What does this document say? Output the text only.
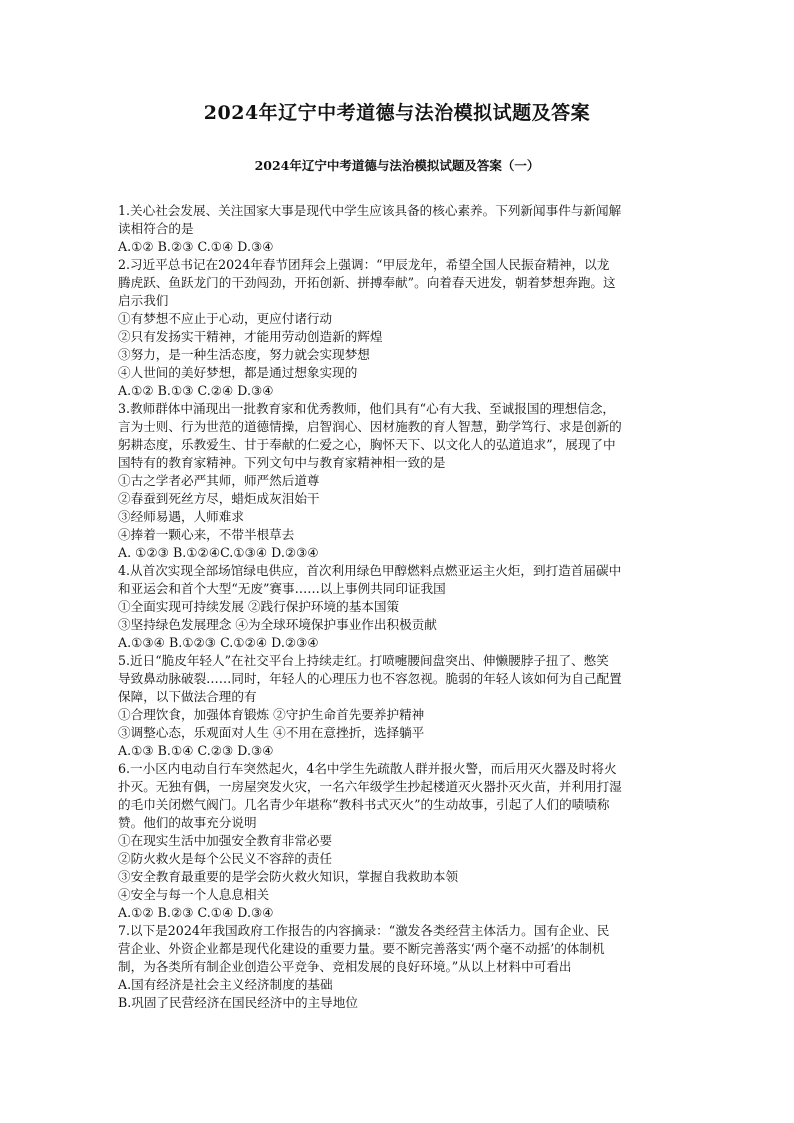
2024年辽宁中考道德与法治模拟试题及答案
2024年辽宁中考道德与法治模拟试题及答案（一）
1.关心社会发展、关注国家大事是现代中学生应该具备的核心素养。下列新闻事件与新闻解
读相符合的是
A.①② B.②③ C.①④ D.③④
2.习近平总书记在2024年春节团拜会上强调：“甲辰龙年，希望全国人民振奋精神，以龙
腾虎跃、鱼跃龙门的干劲闯劲，开拓创新、拼搏奉献”。向着春天进发，朝着梦想奔跑。这
启示我们
①有梦想不应止于心动，更应付诸行动
②只有发扬实干精神，才能用劳动创造新的辉煌
③努力，是一种生活态度，努力就会实现梦想
④人世间的美好梦想，都是通过想象实现的
A.①② B.①③ C.②④ D.③④
3.教师群体中涌现出一批教育家和优秀教师，他们具有“心有大我、至诚报国的理想信念，
言为士则、行为世范的道德情操，启智润心、因材施教的育人智慧，勤学笃行、求是创新的
躬耕态度，乐教爱生、甘于奉献的仁爱之心，胸怀天下、以文化人的弘道追求”，展现了中
国特有的教育家精神。下列文句中与教育家精神相一致的是
①古之学者必严其师，师严然后道尊
②春蚕到死丝方尽，蜡炬成灰泪始干
③经师易遇，人师难求
④捧着一颗心来，不带半根草去
A. ①②③ B.①②④C.①③④ D.②③④
4.从首次实现全部场馆绿电供应，首次利用绿色甲醇燃料点燃亚运主火炬，到打造首届碳中
和亚运会和首个大型“无废”赛事……以上事例共同印证我国
①全面实现可持续发展 ②践行保护环境的基本国策
③坚持绿色发展理念 ④为全球环境保护事业作出积极贡献
A.①③④ B.①②③ C.①②④ D.②③④
5.近日“脆皮年轻人”在社交平台上持续走红。打喷嚏腰间盘突出、伸懒腰脖子扭了、憋笑
导致鼻动脉破裂……同时，年轻人的心理压力也不容忽视。脆弱的年轻人该如何为自己配置
保障，以下做法合理的有
①合理饮食，加强体育锻炼 ②守护生命首先要养护精神
③调整心态，乐观面对人生 ④不用在意挫折，选择躺平
A.①③ B.①④ C.②③ D.③④
6.一小区内电动自行车突然起火，4名中学生先疏散人群并报火警，而后用灭火器及时将火
扑灭。无独有偶，一房屋突发火灾，一名六年级学生抄起楼道灭火器扑灭火苗，并利用打湿
的毛巾关闭燃气阀门。几名青少年堪称“教科书式灭火”的生动故事，引起了人们的啧啧称
赞。他们的故事充分说明
①在现实生活中加强安全教育非常必要
②防火救火是每个公民义不容辞的责任
③安全教育最重要的是学会防火救火知识，掌握自我救助本领
④安全与每一个人息息相关
A.①② B.②③ C.①④ D.③④
7.以下是2024年我国政府工作报告的内容摘录：“激发各类经营主体活力。国有企业、民
营企业、外资企业都是现代化建设的重要力量。要不断完善落实‘两个毫不动摇’的体制机
制，为各类所有制企业创造公平竞争、竞相发展的良好环境。”从以上材料中可看出
A.国有经济是社会主义经济制度的基础
B.巩固了民营经济在国民经济中的主导地位
